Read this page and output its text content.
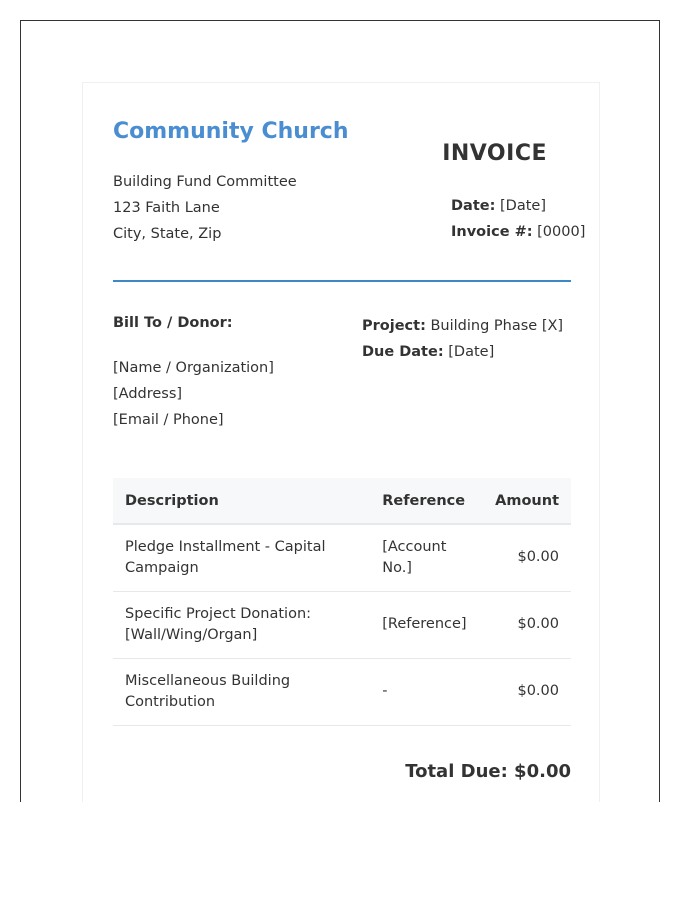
Community Church
Building Fund Committee
123 Faith Lane
City, State, Zip
INVOICE
Date: [Date]
Invoice #: [0000]
Bill To / Donor:
[Name / Organization]
[Address]
[Email / Phone]
Project: Building Phase [X]
Due Date: [Date]
Description	Reference	Amount
Pledge Installment - Capital Campaign	[Account No.]	$0.00
Specific Project Donation: [Wall/Wing/Organ]	[Reference]	$0.00
Miscellaneous Building Contribution	-	$0.00
Total Due: $0.00
